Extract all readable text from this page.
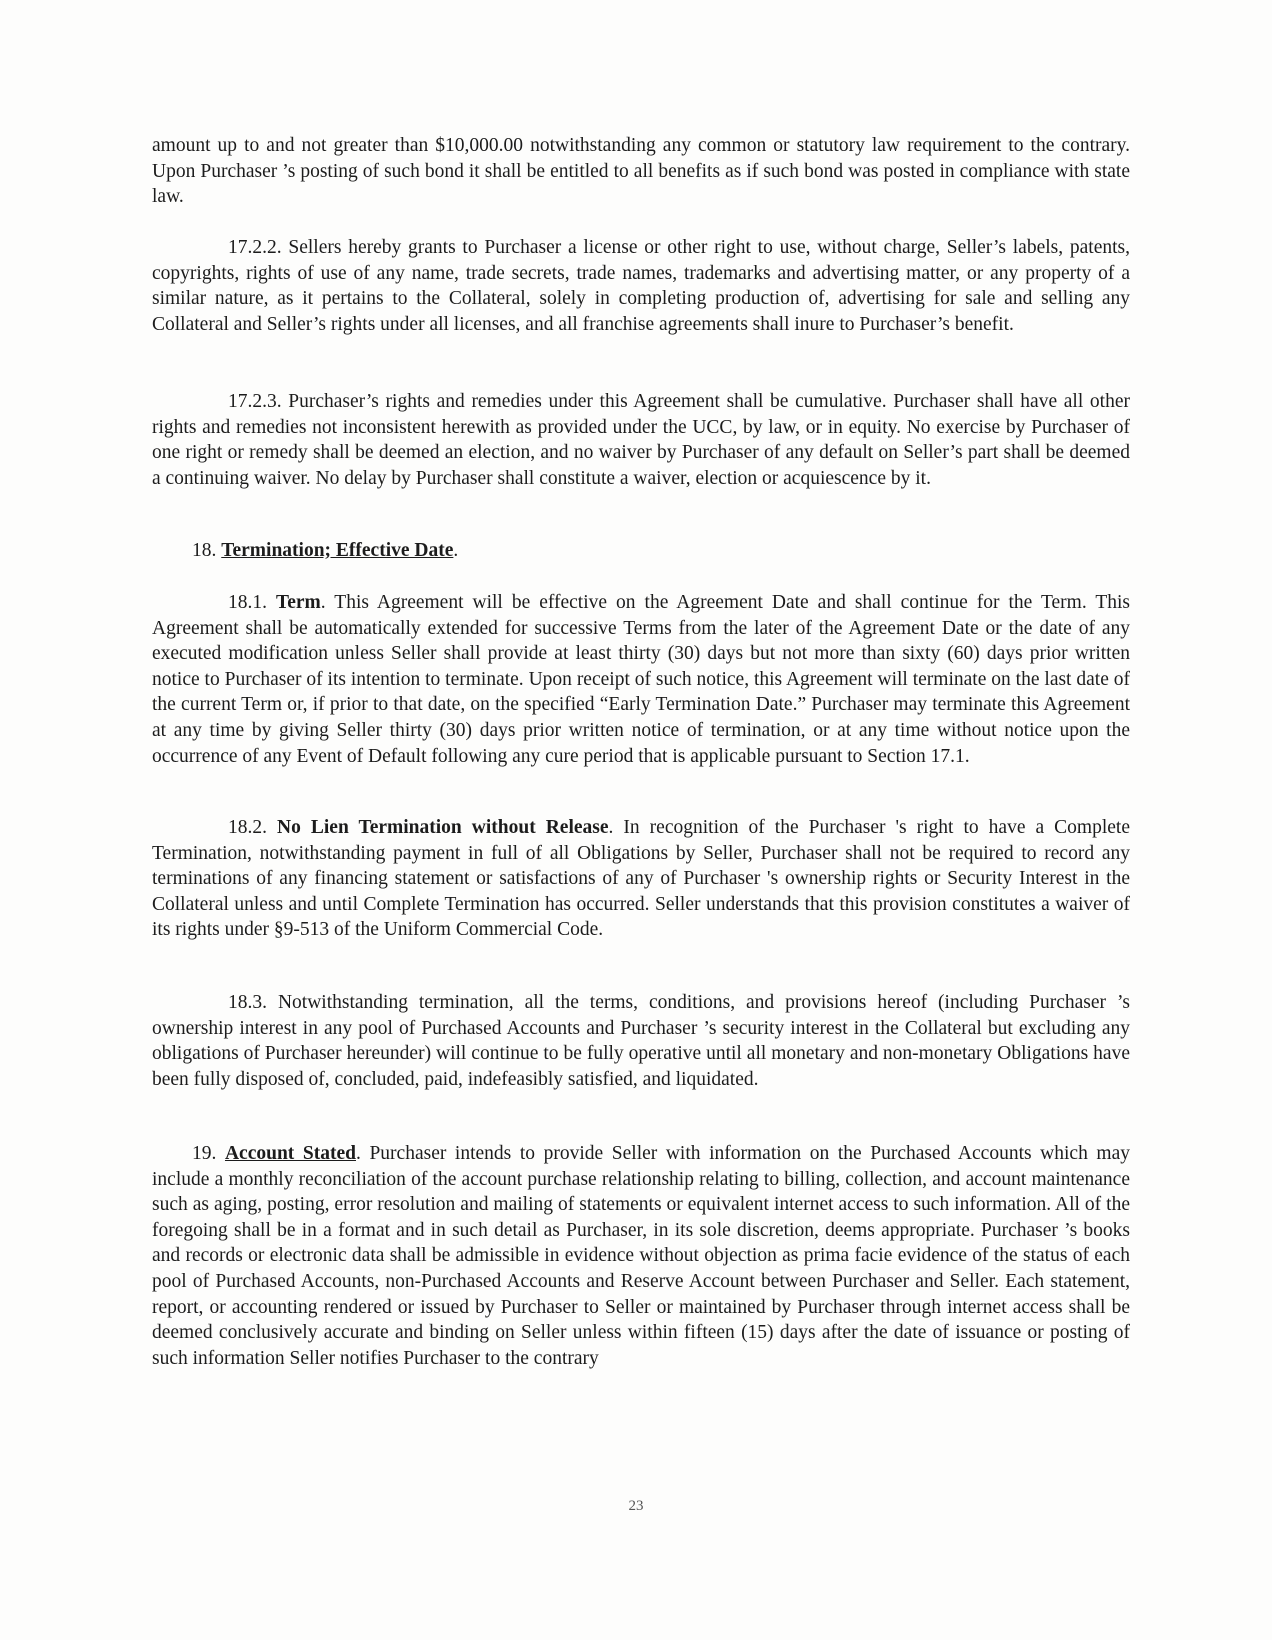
amount up to and not greater than $10,000.00 notwithstanding any common or statutory law requirement to the contrary. Upon Purchaser ’s posting of such bond it shall be entitled to all benefits as if such bond was posted in compliance with state law.

17.2.2. Sellers hereby grants to Purchaser a license or other right to use, without charge, Seller’s labels, patents, copyrights, rights of use of any name, trade secrets, trade names, trademarks and advertising matter, or any property of a similar nature, as it pertains to the Collateral, solely in completing production of, advertising for sale and selling any Collateral and Seller’s rights under all licenses, and all franchise agreements shall inure to Purchaser’s benefit.

17.2.3. Purchaser’s rights and remedies under this Agreement shall be cumulative. Purchaser shall have all other rights and remedies not inconsistent herewith as provided under the UCC, by law, or in equity. No exercise by Purchaser of one right or remedy shall be deemed an election, and no waiver by Purchaser of any default on Seller’s part shall be deemed a continuing waiver. No delay by Purchaser shall constitute a waiver, election or acquiescence by it.

18. Termination; Effective Date.

18.1. Term. This Agreement will be effective on the Agreement Date and shall continue for the Term. This Agreement shall be automatically extended for successive Terms from the later of the Agreement Date or the date of any executed modification unless Seller shall provide at least thirty (30) days but not more than sixty (60) days prior written notice to Purchaser of its intention to terminate. Upon receipt of such notice, this Agreement will terminate on the last date of the current Term or, if prior to that date, on the specified “Early Termination Date.” Purchaser may terminate this Agreement at any time by giving Seller thirty (30) days prior written notice of termination, or at any time without notice upon the occurrence of any Event of Default following any cure period that is applicable pursuant to Section 17.1.

18.2. No Lien Termination without Release. In recognition of the Purchaser 's right to have a Complete Termination, notwithstanding payment in full of all Obligations by Seller, Purchaser shall not be required to record any terminations of any financing statement or satisfactions of any of Purchaser 's ownership rights or Security Interest in the Collateral unless and until Complete Termination has occurred. Seller understands that this provision constitutes a waiver of its rights under §9-513 of the Uniform Commercial Code.

18.3. Notwithstanding termination, all the terms, conditions, and provisions hereof (including Purchaser ’s ownership interest in any pool of Purchased Accounts and Purchaser ’s security interest in the Collateral but excluding any obligations of Purchaser hereunder) will continue to be fully operative until all monetary and non-monetary Obligations have been fully disposed of, concluded, paid, indefeasibly satisfied, and liquidated.

19. Account Stated. Purchaser intends to provide Seller with information on the Purchased Accounts which may include a monthly reconciliation of the account purchase relationship relating to billing, collection, and account maintenance such as aging, posting, error resolution and mailing of statements or equivalent internet access to such information. All of the foregoing shall be in a format and in such detail as Purchaser, in its sole discretion, deems appropriate. Purchaser ’s books and records or electronic data shall be admissible in evidence without objection as prima facie evidence of the status of each pool of Purchased Accounts, non-Purchased Accounts and Reserve Account between Purchaser and Seller. Each statement, report, or accounting rendered or issued by Purchaser to Seller or maintained by Purchaser through internet access shall be deemed conclusively accurate and binding on Seller unless within fifteen (15) days after the date of issuance or posting of such information Seller notifies Purchaser to the contrary

23
